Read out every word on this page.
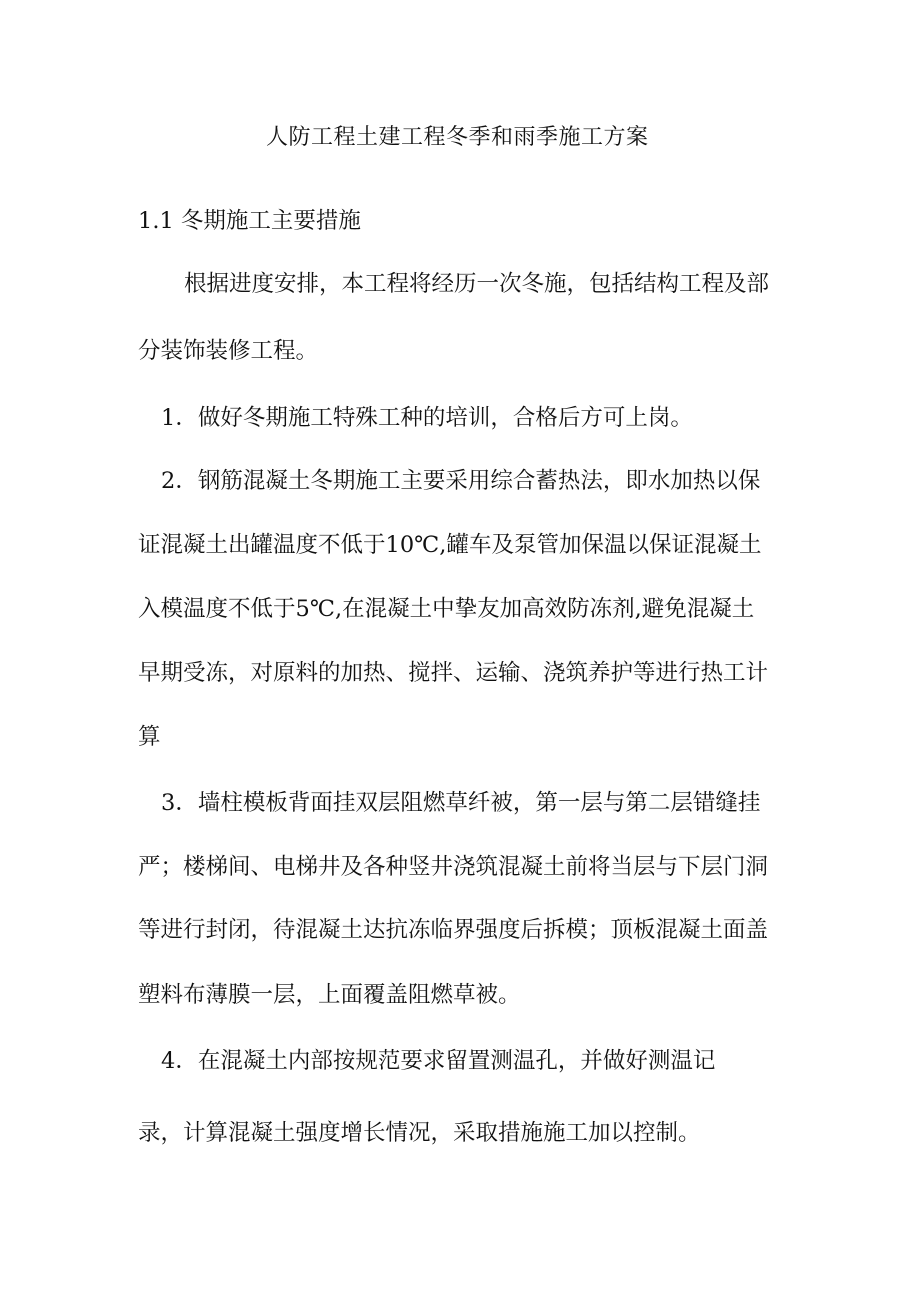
人防工程土建工程冬季和雨季施工方案

1.1 冬期施工主要措施

根据进度安排，本工程将经历一次冬施，包括结构工程及部

分装饰装修工程。

1．做好冬期施工特殊工种的培训，合格后方可上岗。

2．钢筋混凝土冬期施工主要采用综合蓄热法，即水加热以保

证混凝土出罐温度不低于10℃,罐车及泵管加保温以保证混凝土

入模温度不低于5℃,在混凝土中挚友加高效防冻剂,避免混凝土

早期受冻，对原料的加热、搅拌、运输、浇筑养护等进行热工计

算

3．墙柱模板背面挂双层阻燃草纤被，第一层与第二层错缝挂

严；楼梯间、电梯井及各种竖井浇筑混凝土前将当层与下层门洞

等进行封闭，待混凝土达抗冻临界强度后拆模；顶板混凝土面盖

塑料布薄膜一层，上面覆盖阻燃草被。

4．在混凝土内部按规范要求留置测温孔，并做好测温记

录，计算混凝土强度增长情况，采取措施施工加以控制。
